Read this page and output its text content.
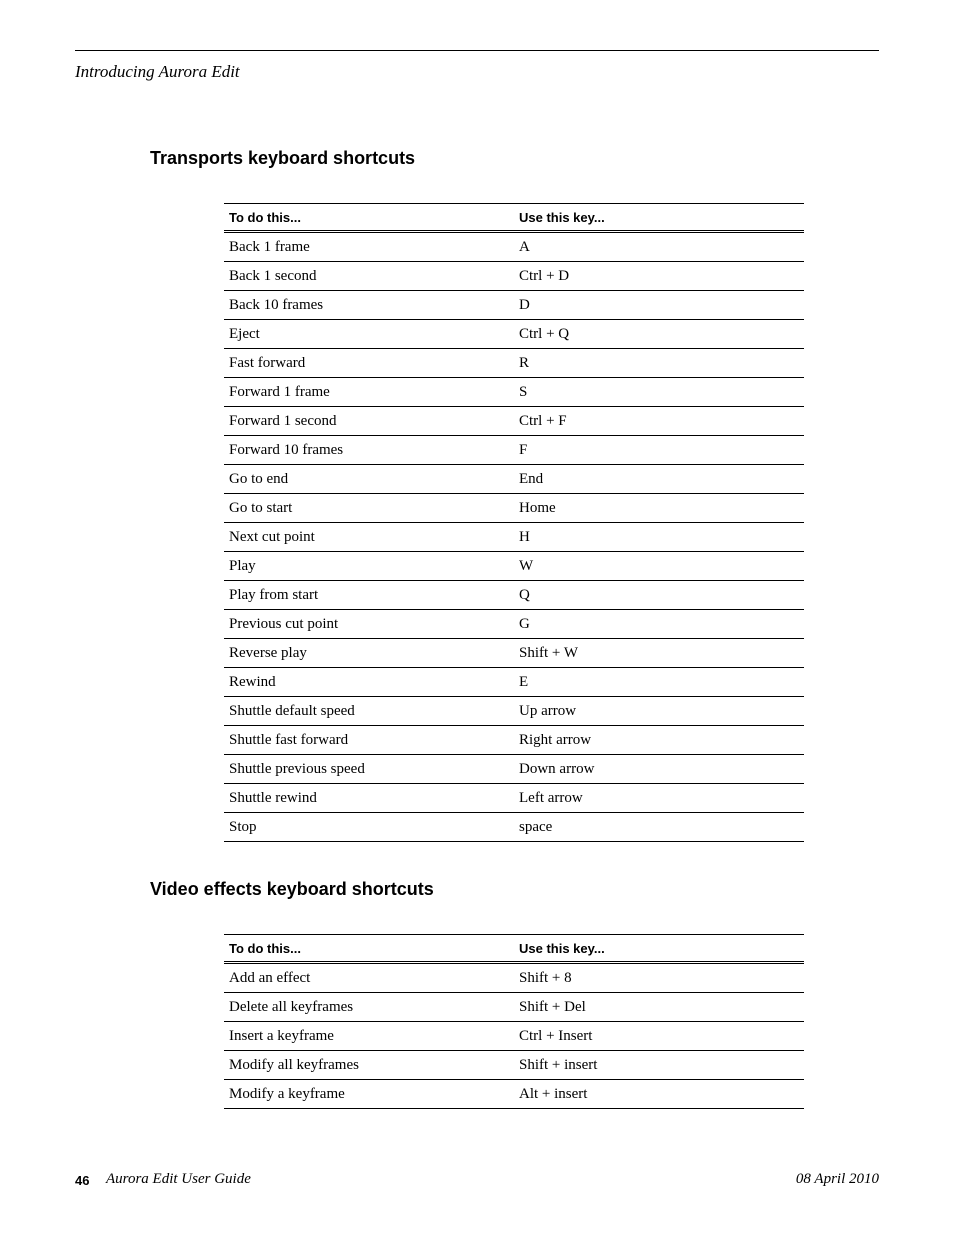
Introducing Aurora Edit
Transports keyboard shortcuts
To do this...	Use this key...
Back 1 frame	A
Back 1 second	Ctrl + D
Back 10 frames	D
Eject	Ctrl + Q
Fast forward	R
Forward 1 frame	S
Forward 1 second	Ctrl + F
Forward 10 frames	F
Go to end	End
Go to start	Home
Next cut point	H
Play	W
Play from start	Q
Previous cut point	G
Reverse play	Shift + W
Rewind	E
Shuttle default speed	Up arrow
Shuttle fast forward	Right arrow
Shuttle previous speed	Down arrow
Shuttle rewind	Left arrow
Stop	space
Video effects keyboard shortcuts
To do this...	Use this key...
Add an effect	Shift + 8
Delete all keyframes	Shift + Del
Insert a keyframe	Ctrl + Insert
Modify all keyframes	Shift + insert
Modify a keyframe	Alt + insert
46 Aurora Edit User Guide	08 April 2010
